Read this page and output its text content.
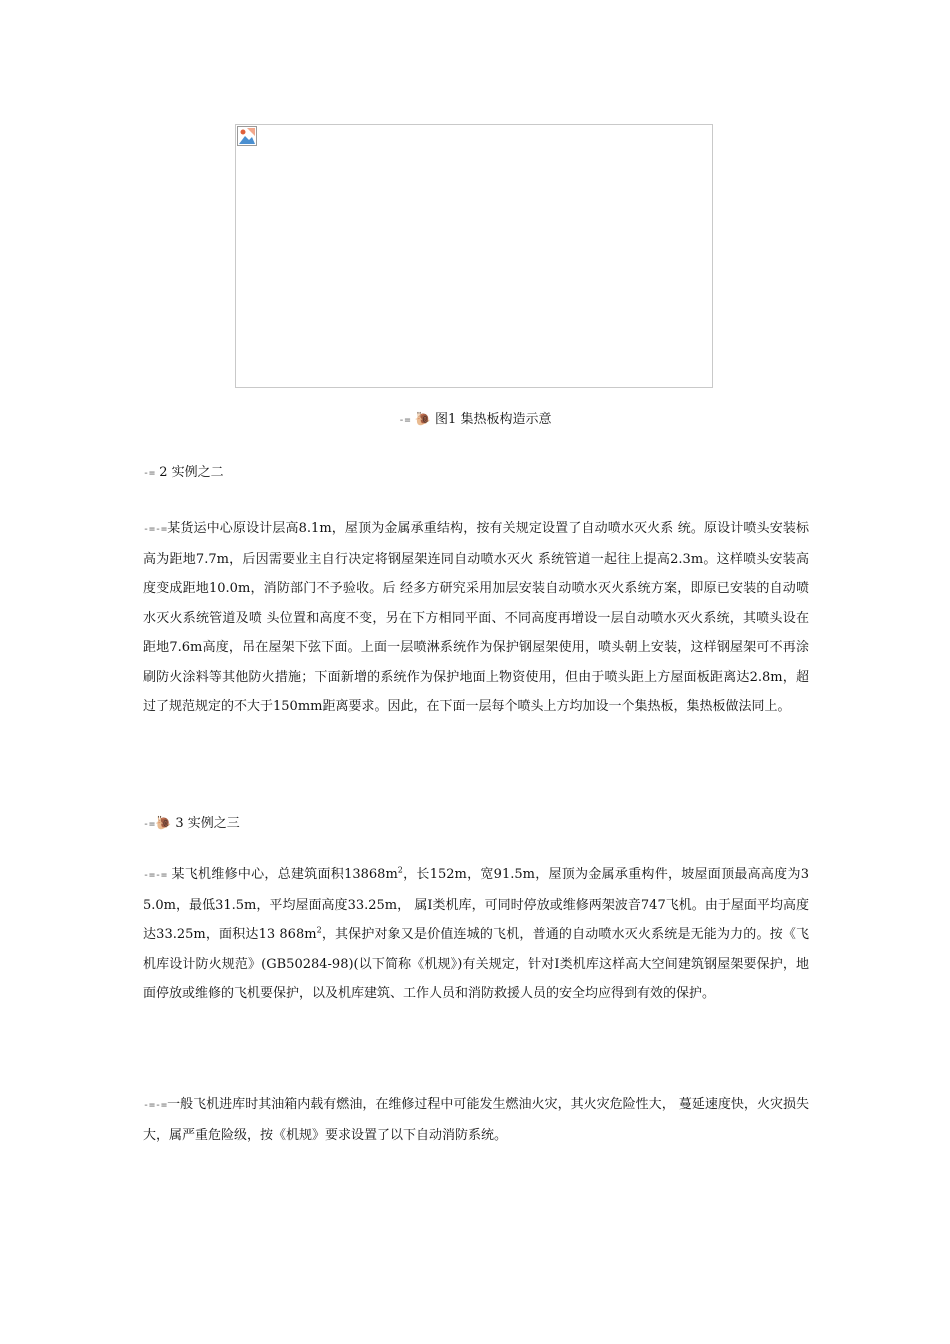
-= 🐌 图1 集热板构造示意
-= 2 实例之二
-=-=某货运中心原设计层高8.1m，屋顶为金属承重结构，按有关规定设置了自动喷水灭火系 统。原设计喷头安装标高为距地7.7m，后因需要业主自行决定将钢屋架连同自动喷水灭火 系统管道一起往上提高2.3m。这样喷头安装高度变成距地10.0m，消防部门不予验收。后 经多方研究采用加层安装自动喷水灭火系统方案，即原已安装的自动喷水灭火系统管道及喷 头位置和高度不变，另在下方相同平面、不同高度再增设一层自动喷水灭火系统，其喷头设在距地7.6m高度，吊在屋架下弦下面。上面一层喷淋系统作为保护钢屋架使用，喷头朝上安装，这样钢屋架可不再涂刷防火涂料等其他防火措施；下面新增的系统作为保护地面上物资使用，但由于喷头距上方屋面板距离达2.8m，超过了规范规定的不大于150mm距离要求。因此，在下面一层每个喷头上方均加设一个集热板，集热板做法同上。
-=🐌 3 实例之三
-=-= 某飞机维修中心，总建筑面积$13868m^2$，长152m，宽91.5m，屋顶为金属承重构件，坡屋面顶最高高度为35.0m，最低31.5m，平均屋面高度33.25m， 属Ⅰ类机库，可同时停放或维修两架波音747飞机。由于屋面平均高度达33.25m，面积达13 $868m^2$，其保护对象又是价值连城的飞机，普通的自动喷水灭火系统是无能为力的。按《飞机库设计防火规范》(GB50284-98)(以下简称《机规》)有关规定，针对Ⅰ类机库这样高大空间建筑钢屋架要保护，地面停放或维修的飞机要保护，以及机库建筑、工作人员和消防救援人员的安全均应得到有效的保护。
-=-=一般飞机进库时其油箱内载有燃油，在维修过程中可能发生燃油火灾，其火灾危险性大， 蔓延速度快，火灾损失大，属严重危险级，按《机规》要求设置了以下自动消防系统。
